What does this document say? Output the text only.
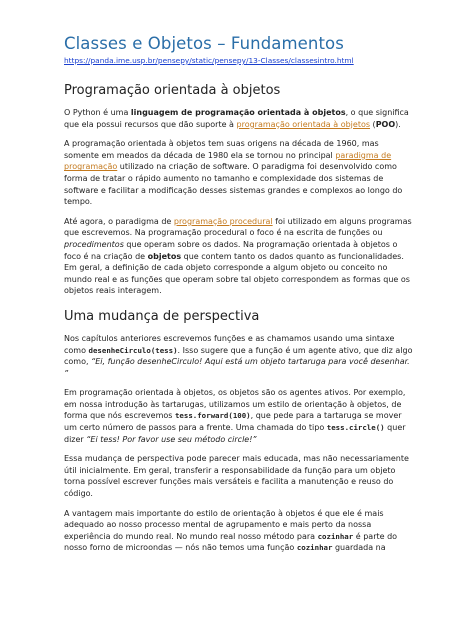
Classes e Objetos – Fundamentos
https://panda.ime.usp.br/pensepy/static/pensepy/13-Classes/classesintro.html
Programação orientada à objetos

O Python é uma linguagem de programação orientada à objetos, o que significa que ela possui recursos que dão suporte à programação orientada à objetos (POO).

A programação orientada à objetos tem suas origens na década de 1960, mas somente em meados da década de 1980 ela se tornou no principal paradigma de programação utilizado na criação de software. O paradigma foi desenvolvido como forma de tratar o rápido aumento no tamanho e complexidade dos sistemas de software e facilitar a modificação desses sistemas grandes e complexos ao longo do tempo.

Até agora, o paradigma de programação procedural foi utilizado em alguns programas que escrevemos. Na programação procedural o foco é na escrita de funções ou procedimentos que operam sobre os dados. Na programação orientada à objetos o foco é na criação de objetos que contem tanto os dados quanto as funcionalidades. Em geral, a definição de cada objeto corresponde a algum objeto ou conceito no mundo real e as funções que operam sobre tal objeto correspondem as formas que os objetos reais interagem.

Uma mudança de perspectiva

Nos capítulos anteriores escrevemos funções e as chamamos usando uma sintaxe como desenheCirculo(tess). Isso sugere que a função é um agente ativo, que diz algo como, “Ei, função desenheCirculo! Aqui está um objeto tartaruga para você desenhar. ”

Em programação orientada à objetos, os objetos são os agentes ativos. Por exemplo, em nossa introdução às tartarugas, utilizamos um estilo de orientação à objetos, de forma que nós escrevemos tess.forward(100), que pede para a tartaruga se mover um certo número de passos para a frente. Uma chamada do tipo tess.circle() quer dizer “Ei tess! Por favor use seu método circle!”

Essa mudança de perspectiva pode parecer mais educada, mas não necessariamente útil inicialmente. Em geral, transferir a responsabilidade da função para um objeto torna possível escrever funções mais versáteis e facilita a manutenção e reuso do código.

A vantagem mais importante do estilo de orientação à objetos é que ele é mais adequado ao nosso processo mental de agrupamento e mais perto da nossa experiência do mundo real. No mundo real nosso método para cozinhar é parte do nosso forno de microondas — nós não temos uma função cozinhar guardada na
